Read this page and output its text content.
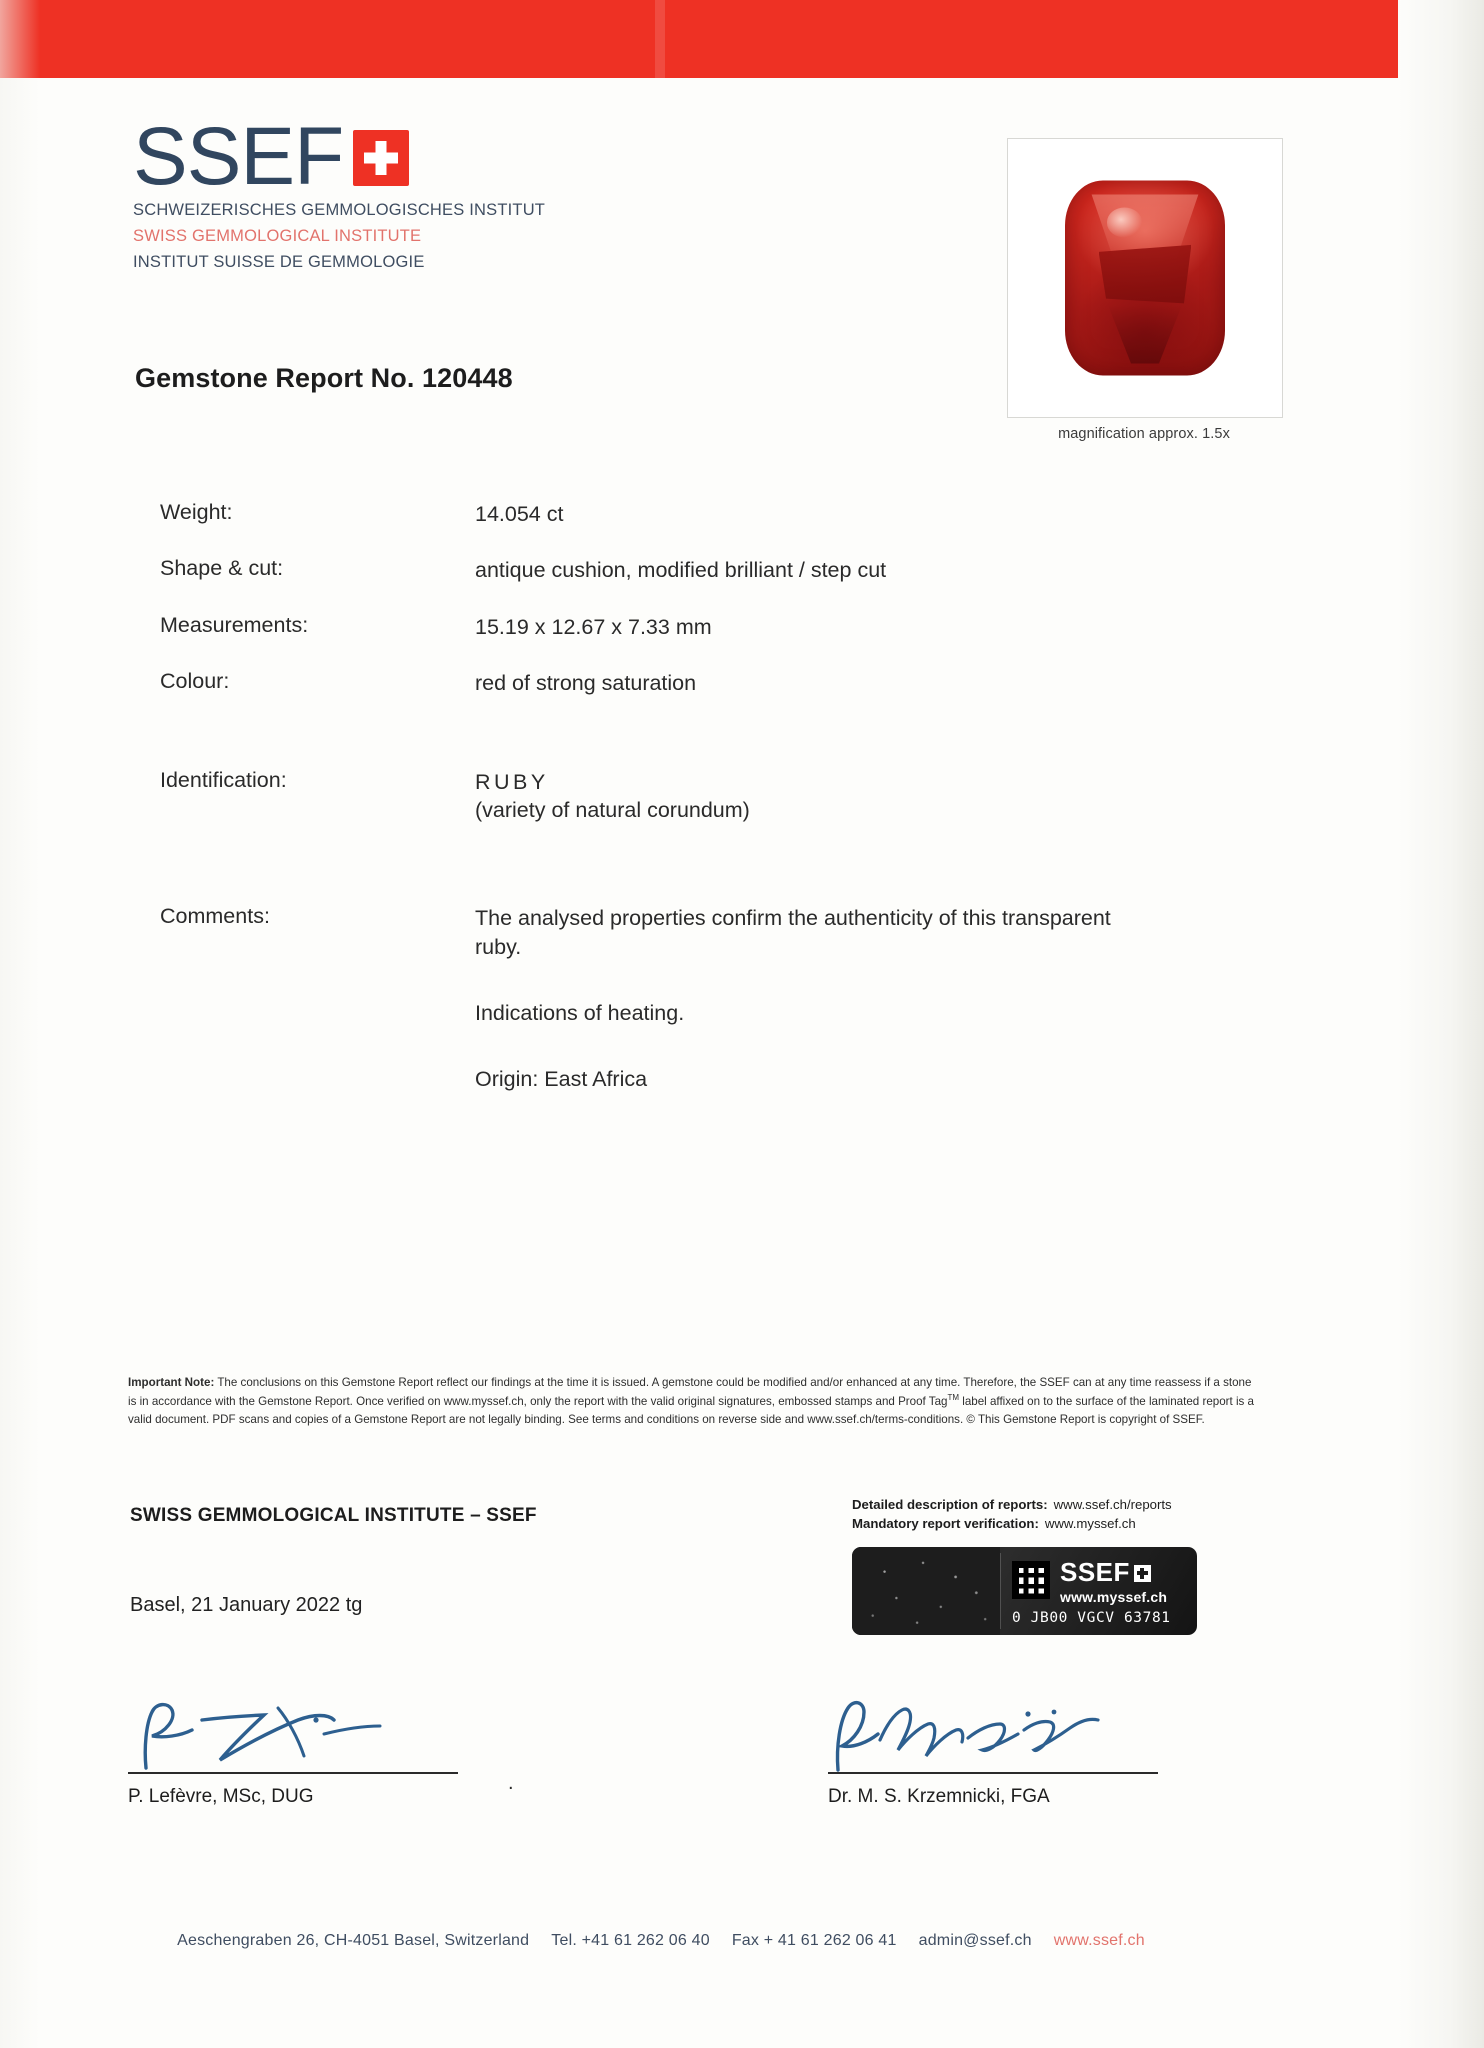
SSEF
SCHWEIZERISCHES GEMMOLOGISCHES INSTITUT
SWISS GEMMOLOGICAL INSTITUTE
INSTITUT SUISSE DE GEMMOLOGIE
magnification approx. 1.5x
Gemstone Report No. 120448
Weight:	14.054 ct
Shape & cut:	antique cushion, modified brilliant / step cut
Measurements:	15.19 x 12.67 x 7.33 mm
Colour:	red of strong saturation
Identification:	RUBY
(variety of natural corundum)
Comments:	The analysed properties confirm the authenticity of this transparent ruby.

Indications of heating.

Origin: East Africa

Important Note: The conclusions on this Gemstone Report reflect our findings at the time it is issued. A gemstone could be modified and/or enhanced at any time. Therefore, the SSEF can at any time reassess if a stone is in accordance with the Gemstone Report. Once verified on www.myssef.ch, only the report with the valid original signatures, embossed stamps and Proof Tag™ label affixed on to the surface of the laminated report is a valid document. PDF scans and copies of a Gemstone Report are not legally binding. See terms and conditions on reverse side and www.ssef.ch/terms-conditions. © This Gemstone Report is copyright of SSEF.
SWISS GEMMOLOGICAL INSTITUTE – SSEF
Basel, 21 January 2022 tg
Detailed description of reports: www.ssef.ch/reports
Mandatory report verification: www.myssef.ch
SSEF
www.myssef.ch
0 JB00 VGCV 63781
P. Lefèvre, MSc, DUG	Dr. M. S. Krzemnicki, FGA
.
Aeschengraben 26, CH-4051 Basel, Switzerland Tel. +41 61 262 06 40 Fax + 41 61 262 06 41 admin@ssef.ch www.ssef.ch
